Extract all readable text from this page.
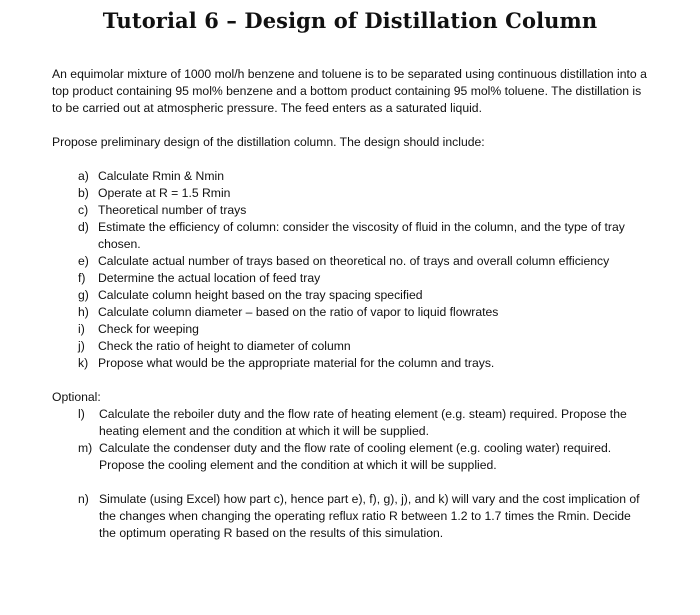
Tutorial 6 – Design of Distillation Column
An equimolar mixture of 1000 mol/h benzene and toluene is to be separated using continuous distillation into a top product containing 95 mol% benzene and a bottom product containing 95 mol% toluene. The distillation is to be carried out at atmospheric pressure. The feed enters as a saturated liquid.
Propose preliminary design of the distillation column. The design should include:
a) Calculate Rmin & Nmin
b) Operate at R = 1.5 Rmin
c) Theoretical number of trays
d) Estimate the efficiency of column: consider the viscosity of fluid in the column, and the type of tray chosen.
e) Calculate actual number of trays based on theoretical no. of trays and overall column efficiency
f)	Determine the actual location of feed tray
g) Calculate column height based on the tray spacing specified
h) Calculate column diameter – based on the ratio of vapor to liquid flowrates
i)	Check for weeping
j)	Check the ratio of height to diameter of column
k) Propose what would be the appropriate material for the column and trays.
Optional:
l)	Calculate the reboiler duty and the flow rate of heating element (e.g. steam) required. Propose the heating element and the condition at which it will be supplied.
m) Calculate the condenser duty and the flow rate of cooling element (e.g. cooling water) required. Propose the cooling element and the condition at which it will be supplied.
n) Simulate (using Excel) how part c), hence part e), f), g), j), and k) will vary and the cost implication of the changes when changing the operating reflux ratio R between 1.2 to 1.7 times the Rmin. Decide the optimum operating R based on the results of this simulation.
